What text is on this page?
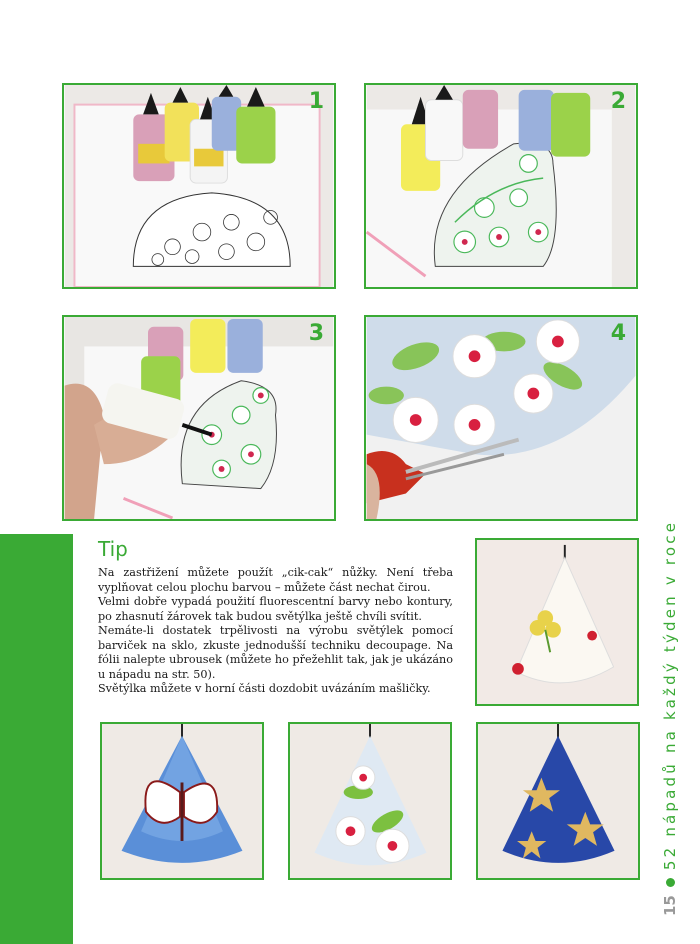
1	2
3	4
Tip

Na zastřižení můžete použít „cik-cak“ nůžky. Není třeba vyplňovat celou plochu barvou – můžete část nechat čirou.

Velmi dobře vypadá použití fluorescentní barvy nebo kontury, po zhasnutí žárovek tak budou světýlka ještě chvíli svítit.

Nemáte-li dostatek trpělivosti na výrobu světýlek pomocí barviček na sklo, zkuste jednodušší techniku decoupage. Na fólii nalepte ubrousek (můžete ho přežehlit tak, jak je ukázáno u nápadu na str. 50).

Světýlka můžete v horní části dozdobit uvázáním mašličky.

15
52 nápadů na každý týden v roce
